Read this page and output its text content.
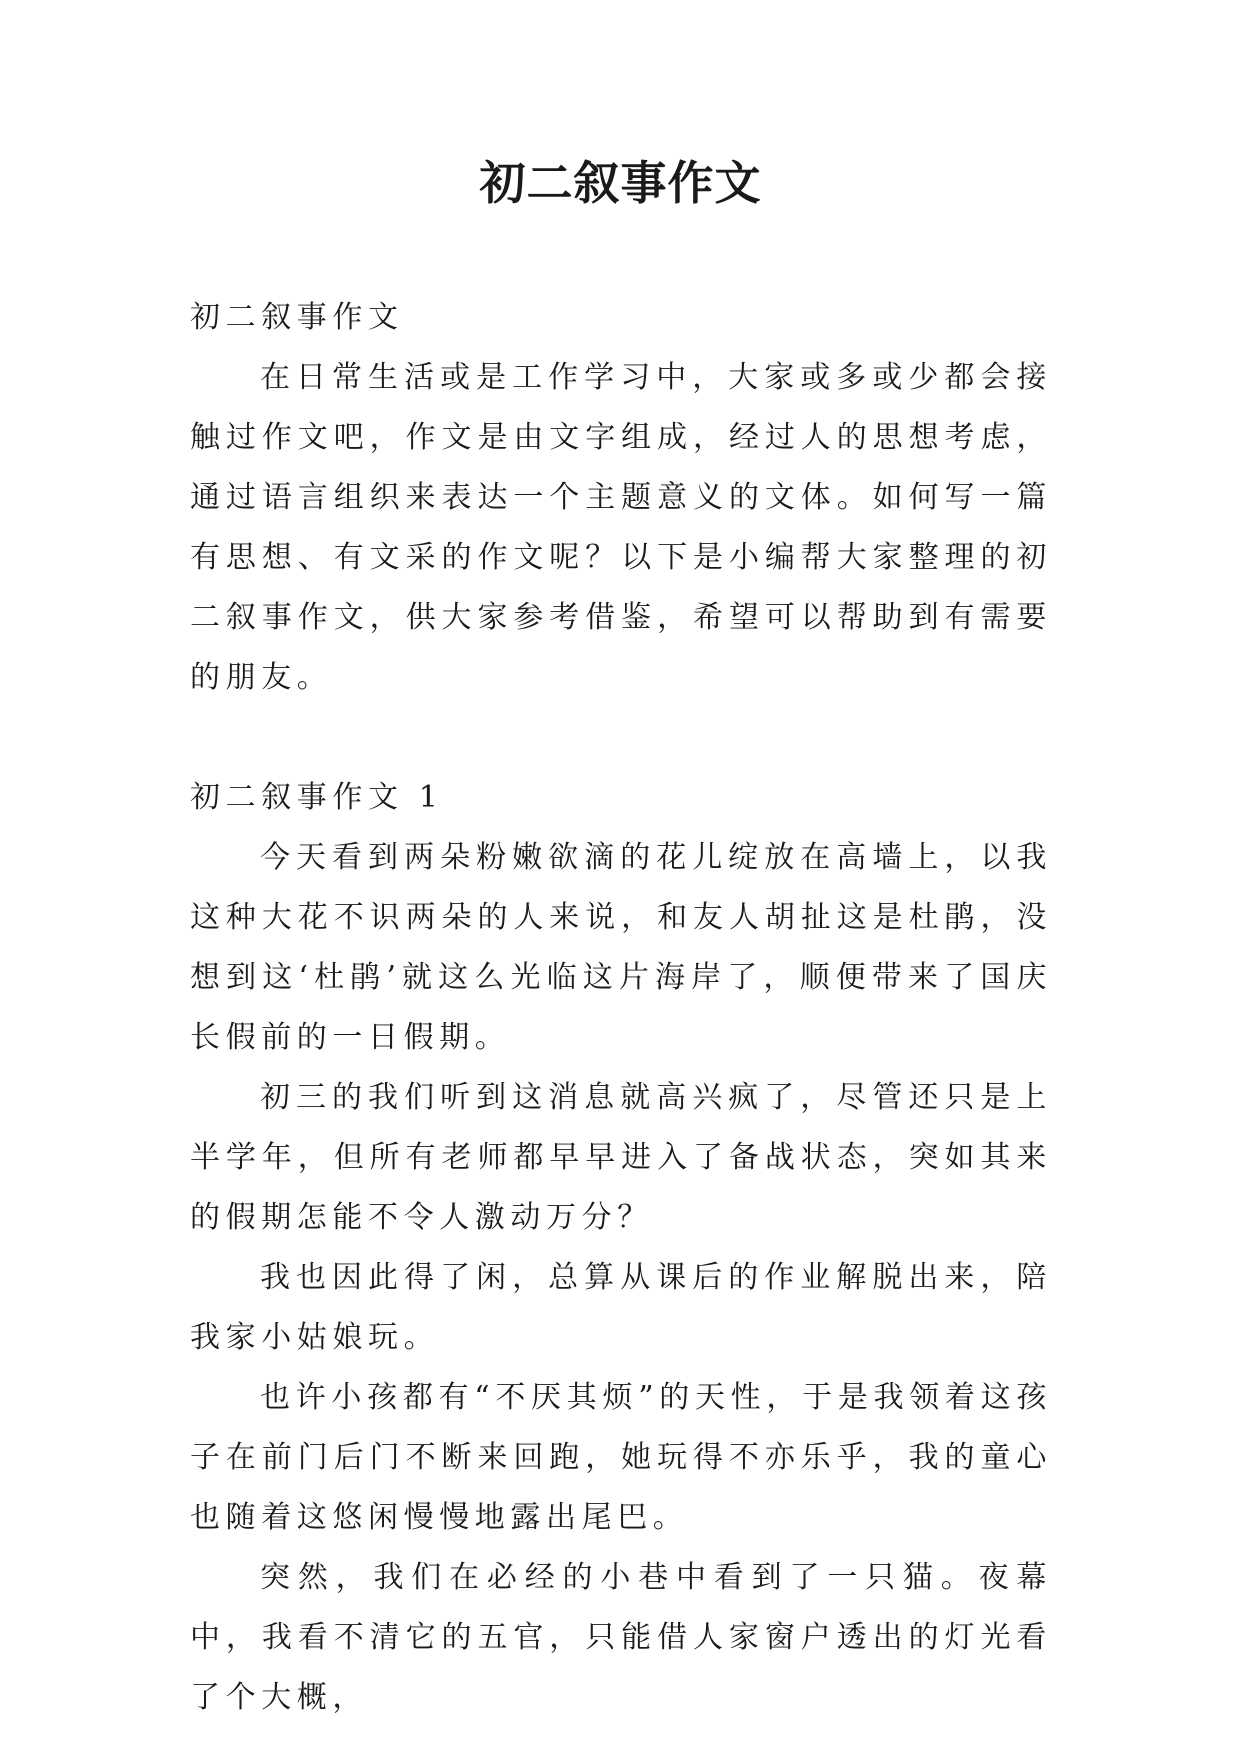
初二叙事作文

初二叙事作文

在日常生活或是工作学习中，大家或多或少都会接触过作文吧，作文是由文字组成，经过人的思想考虑，通过语言组织来表达一个主题意义的文体。如何写一篇有思想、有文采的作文呢？以下是小编帮大家整理的初二叙事作文，供大家参考借鉴，希望可以帮助到有需要的朋友。

初二叙事作文 1

今天看到两朵粉嫩欲滴的花儿绽放在高墙上，以我这种大花不识两朵的人来说，和友人胡扯这是杜鹃，没想到这‘杜鹃’就这么光临这片海岸了，顺便带来了国庆长假前的一日假期。

初三的我们听到这消息就高兴疯了，尽管还只是上半学年，但所有老师都早早进入了备战状态，突如其来的假期怎能不令人激动万分？

我也因此得了闲，总算从课后的作业解脱出来，陪我家小姑娘玩。

也许小孩都有“不厌其烦”的天性，于是我领着这孩子在前门后门不断来回跑，她玩得不亦乐乎，我的童心也随着这悠闲慢慢地露出尾巴。

突然，我们在必经的小巷中看到了一只猫。夜幕中，我看不清它的五官，只能借人家窗户透出的灯光看了个大概，
